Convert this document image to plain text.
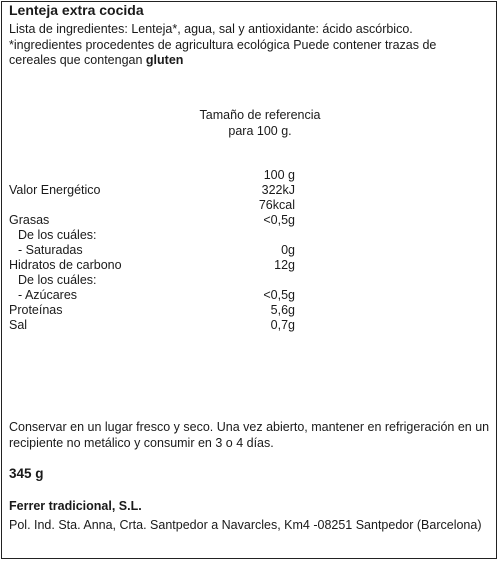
Lenteja extra cocida
Lista de ingredientes: Lenteja*, agua, sal y antioxidante: ácido ascórbico. *ingredientes procedentes de agricultura ecológica Puede contener trazas de cereales que contengan gluten
Tamaño de referencia
para 100 g.
100 g
Valor Energético	322kJ
76kcal
Grasas	<0,5g
De los cuáles:
- Saturadas	0g
Hidratos de carbono	12g
De los cuáles:
- Azúcares	<0,5g
Proteínas	5,6g
Sal	0,7g
Conservar en un lugar fresco y seco. Una vez abierto, mantener en refrigeración en un recipiente no metálico y consumir en 3 o 4 días.
345 g
Ferrer tradicional, S.L.
Pol. Ind. Sta. Anna, Crta. Santpedor a Navarcles, Km4 -08251 Santpedor (Barcelona)
